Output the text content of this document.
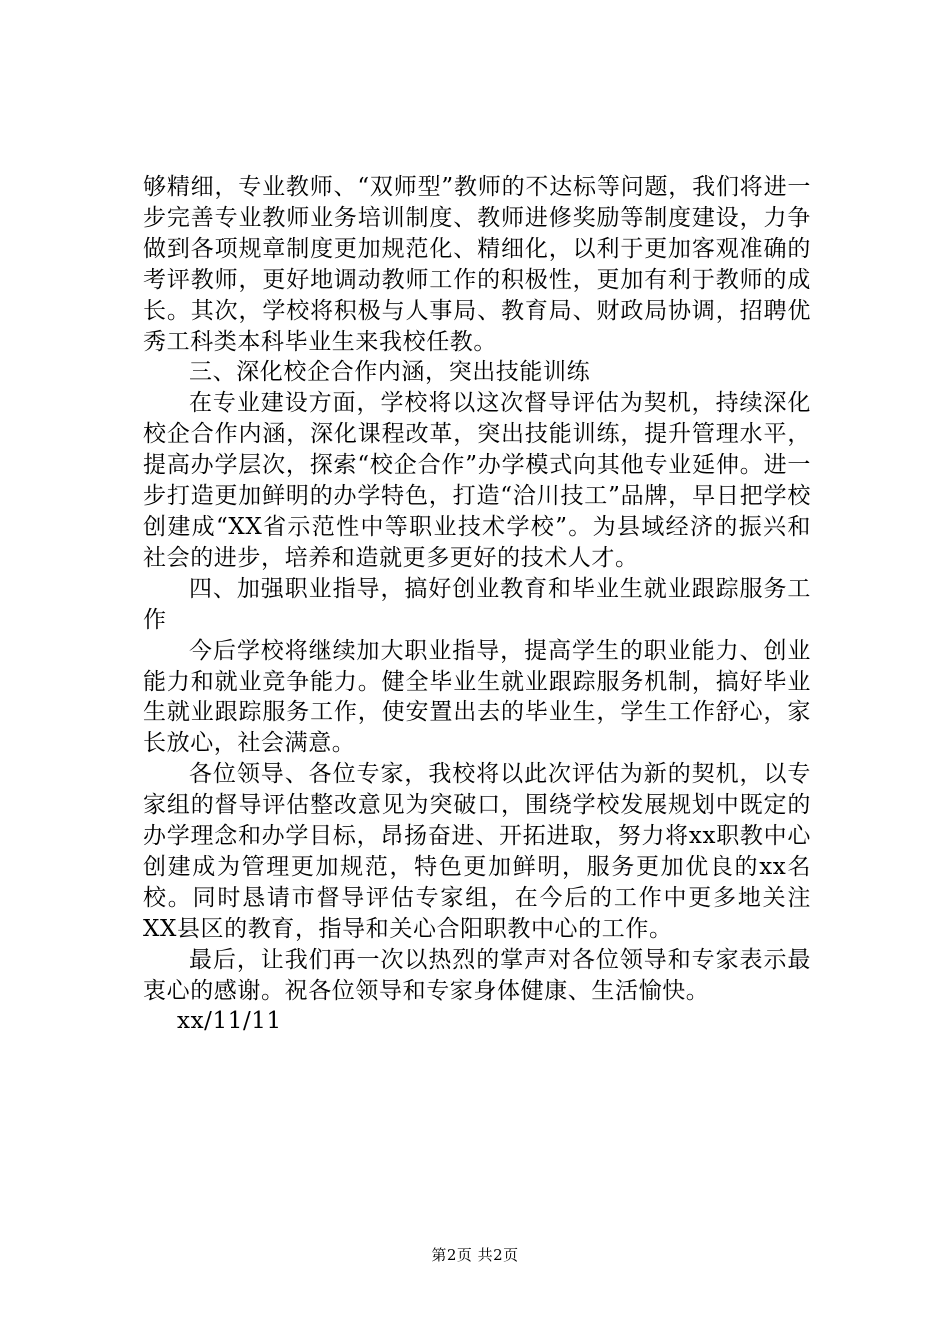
够精细，专业教师、“双师型”教师的不达标等问题，我们将进一步完善专业教师业务培训制度、教师进修奖励等制度建设，力争做到各项规章制度更加规范化、精细化，以利于更加客观准确的考评教师，更好地调动教师工作的积极性，更加有利于教师的成长。其次，学校将积极与人事局、教育局、财政局协调，招聘优秀工科类本科毕业生来我校任教。

三、深化校企合作内涵，突出技能训练

在专业建设方面，学校将以这次督导评估为契机，持续深化校企合作内涵，深化课程改革，突出技能训练，提升管理水平，提高办学层次，探索“校企合作”办学模式向其他专业延伸。进一步打造更加鲜明的办学特色，打造“洽川技工”品牌，早日把学校创建成“XX省示范性中等职业技术学校”。为县域经济的振兴和社会的进步，培养和造就更多更好的技术人才。

四、加强职业指导，搞好创业教育和毕业生就业跟踪服务工作

今后学校将继续加大职业指导，提高学生的职业能力、创业能力和就业竞争能力。健全毕业生就业跟踪服务机制，搞好毕业生就业跟踪服务工作，使安置出去的毕业生，学生工作舒心，家长放心，社会满意。

各位领导、各位专家，我校将以此次评估为新的契机，以专家组的督导评估整改意见为突破口，围绕学校发展规划中既定的办学理念和办学目标，昂扬奋进、开拓进取，努力将xx职教中心创建成为管理更加规范，特色更加鲜明，服务更加优良的xx名校。同时恳请市督导评估专家组，在今后的工作中更多地关注XX县区的教育，指导和关心合阳职教中心的工作。

最后，让我们再一次以热烈的掌声对各位领导和专家表示最衷心的感谢。祝各位领导和专家身体健康、生活愉快。

xx/11/11

第2页 共2页
